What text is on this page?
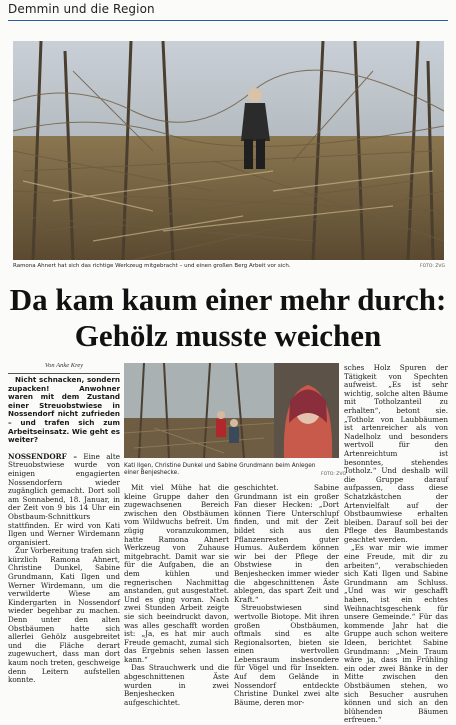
Demmin und die Region
Ramona Ahnert hat sich das richtige Werkzeug mitgebracht – und einen großen Berg Arbeit vor sich.	FOTO: ZVG
Da kam kaum einer mehr durch:
Gehölz musste weichen
Von Anke Krey

Nicht schnacken, sondern zupacken! Anwohner waren mit dem Zustand einer Streuobstwiese in Nossendorf nicht zufrieden – und trafen sich zum Arbeitseinsatz. Wie geht es weiter?

NOSSENDORF – Eine alte Streuobstwiese wurde von einigen engagierten Nossendorfern wieder zugänglich gemacht. Dort soll am Sonnabend, 18. Januar, in der Zeit von 9 bis 14 Uhr ein Obstbaum-Schnittkurs stattfinden. Er wird von Kati Ilgen und Werner Wirdemann organisiert.

Zur Vorbereitung trafen sich kürzlich Ramona Ahnert, Christine Dunkel, Sabine Grundmann, Kati Ilgen und Werner Wirdemann, um die verwilderte Wiese am Kindergarten in Nossendorf wieder begehbar zu machen. Denn unter den alten Obstbäumen hatte sich allerlei Gehölz ausgebreitet und die Fläche derart zugewuchert, dass man dort kaum noch treten, geschweige denn Leitern aufstellen konnte.

Kati Ilgen, Christine Dunkel und Sabine Grundmann beim Anlegen einer Benjeshecke.	FOTO: ZVG

Mit viel Mühe hat die kleine Gruppe daher den zugewachsenen Bereich zwischen den Obstbäumen vom Wildwuchs befreit. Um zügig voranzukommen, hatte Ramona Ahnert Werkzeug von Zuhause mitgebracht. Damit war sie für die Aufgaben, die an dem kühlen und regnerischen Nachmittag anstanden, gut ausgestattet. Und es ging voran. Nach zwei Stunden Arbeit zeigte sie sich beeindruckt davon, was alles geschafft worden ist: „Ja, es hat mir auch Freude gemacht, zumal sich das Ergebnis sehen lassen kann.“

Das Strauchwerk und die abgeschnittenen Äste wurden in zwei Benjeshecken aufgeschichtet.

geschichtet. Sabine Grundmann ist ein großer Fan dieser Hecken: „Dort können Tiere Unterschlupf finden, und mit der Zeit bildet sich aus den Pflanzenresten guter Humus. Außerdem können wir bei der Pflege der Obstwiese in den Benjeshecken immer wieder die abgeschnittenen Äste ablegen, das spart Zeit und Kraft.“

Streuobstwiesen sind wertvolle Biotope. Mit ihren großen Obstbäumen, oftmals sind es alte Regionalsorten, bieten sie einen wertvollen Lebensraum insbesondere für Vögel und für Insekten. Auf dem Gelände in Nossendorf entdeckte Christine Dunkel zwei alte Bäume, deren mor-

sches Holz Spuren der Tätigkeit von Spechten aufweist. „Es ist sehr wichtig, solche alten Bäume mit Totholzanteil zu erhalten“, betont sie. „Totholz von Laubbäumen ist artenreicher als von Nadelholz und besonders wertvoll für den Artenreichtum ist besonntes, stehendes Totholz.“ Und deshalb will die Gruppe darauf aufpassen, dass diese Schatzkästchen der Artenvielfalt auf der Obstbaumwiese erhalten bleiben. Darauf soll bei der Pflege des Baumbestands geachtet werden.

„Es war mir wie immer eine Freude, mit dir zu arbeiten“, verabschieden sich Kati Ilgen und Sabine Grundmann am Schluss. „Und was wir geschafft haben, ist ein echtes Weihnachtsgeschenk für unsere Gemeinde.“ Für das kommende Jahr hat die Gruppe auch schon weitere Ideen, berichtet Sabine Grundmann: „Mein Traum wäre ja, dass im Frühling ein oder zwei Bänke in der Mitte zwischen den Obstbäumen stehen, wo sich Besucher ausruhen können und sich an den blühenden Bäumen erfreuen.“
